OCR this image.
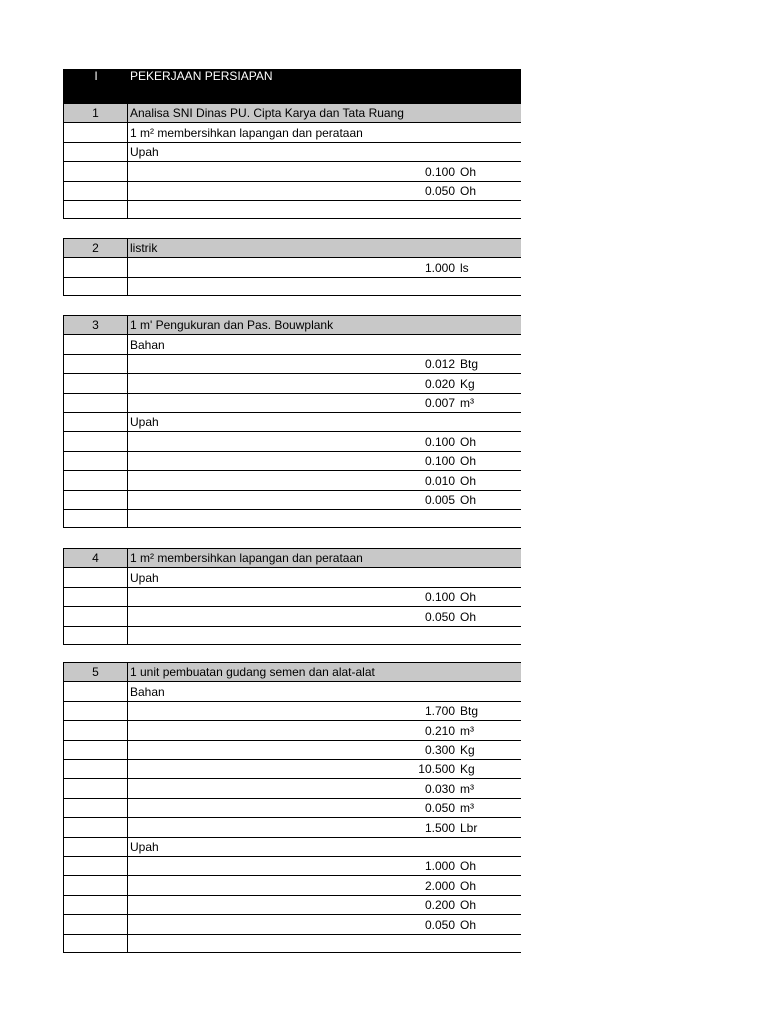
I	PEKERJAAN PERSIAPAN
1	Analisa SNI Dinas PU. Cipta Karya dan Tata Ruang
1 m² membersihkan lapangan dan perataan
Upah
0.100 Oh
0.050 Oh
2	listrik
1.000 ls
3	1 m' Pengukuran dan Pas. Bouwplank
Bahan
0.012 Btg
0.020 Kg
0.007 m³
Upah
0.100 Oh
0.100 Oh
0.010 Oh
0.005 Oh
4	1 m² membersihkan lapangan dan perataan
Upah
0.100 Oh
0.050 Oh
5	1 unit pembuatan gudang semen dan alat-alat
Bahan
1.700 Btg
0.210 m³
0.300 Kg
10.500 Kg
0.030 m³
0.050 m³
1.500 Lbr
Upah
1.000 Oh
2.000 Oh
0.200 Oh
0.050 Oh
